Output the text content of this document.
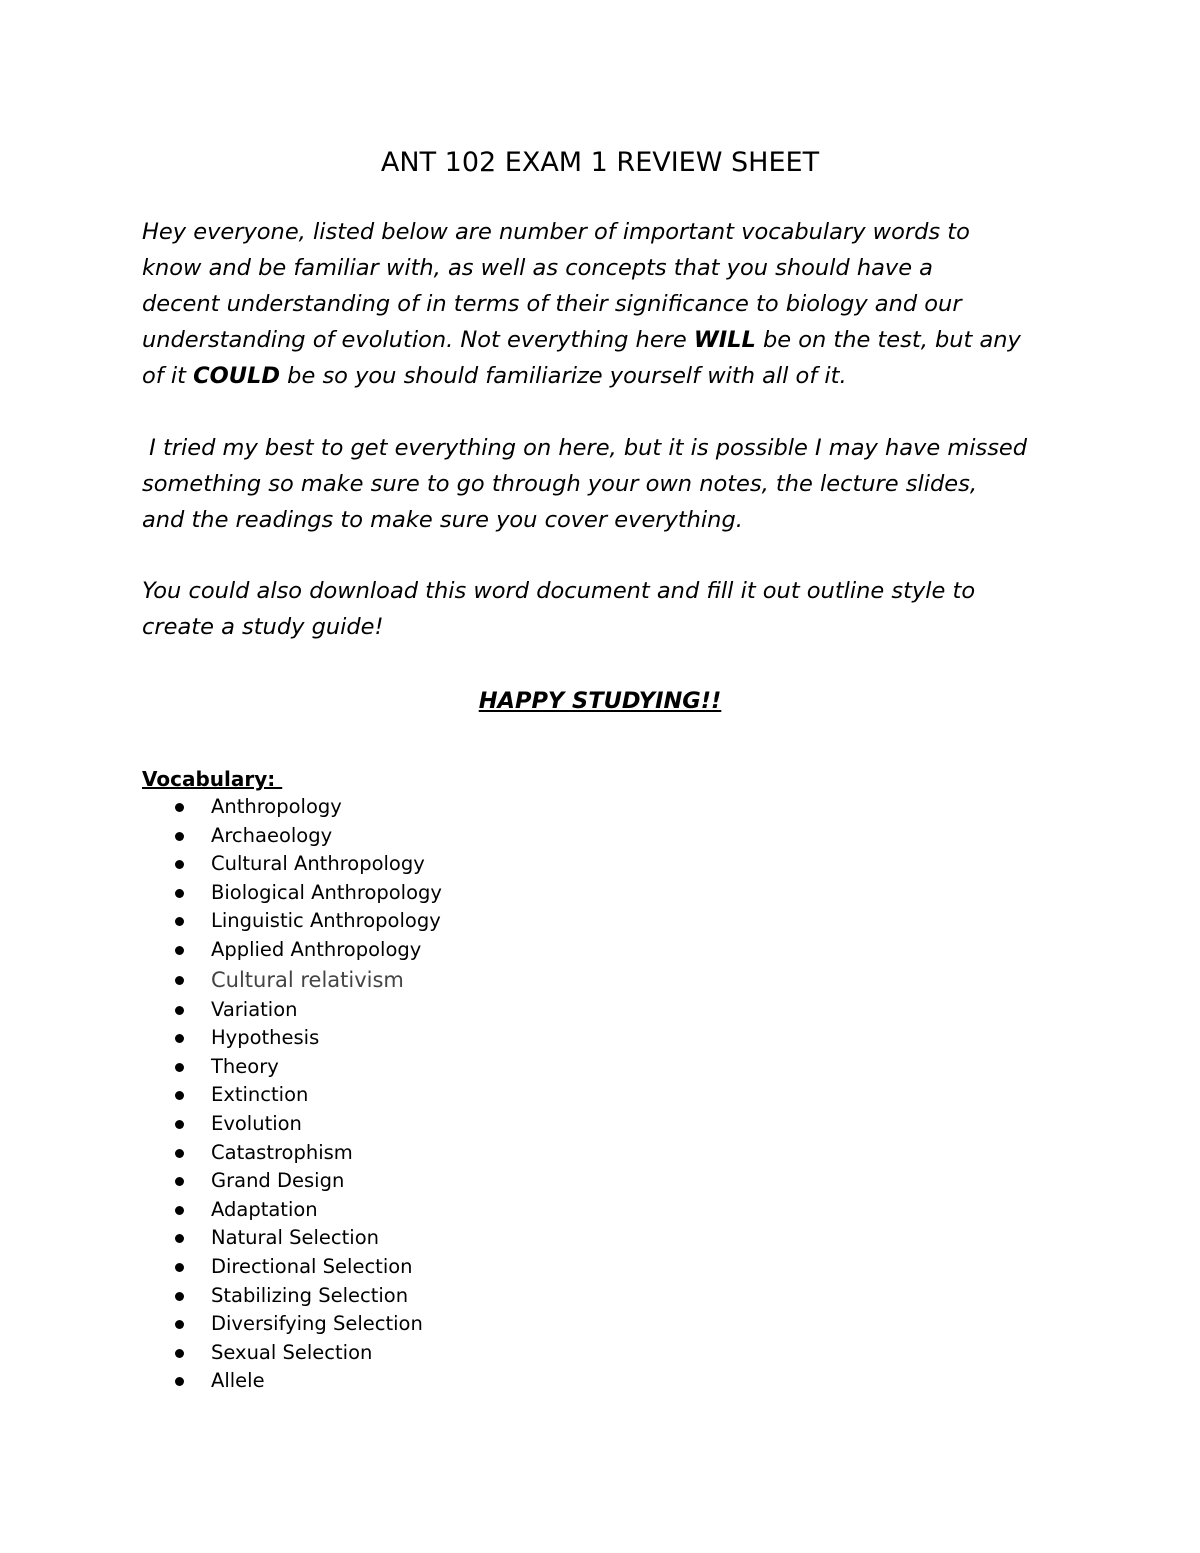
ANT 102 EXAM 1 REVIEW SHEET

Hey everyone, listed below are number of important vocabulary words to
know and be familiar with, as well as concepts that you should have a
decent understanding of in terms of their significance to biology and our
understanding of evolution. Not everything here WILL be on the test, but any
of it COULD be so you should familiarize yourself with all of it.

I tried my best to get everything on here, but it is possible I may have missed
something so make sure to go through your own notes, the lecture slides,
and the readings to make sure you cover everything.

You could also download this word document and fill it out outline style to
create a study guide!

HAPPY STUDYING!!
Vocabulary:
Anthropology
Archaeology
Cultural Anthropology
Biological Anthropology
Linguistic Anthropology
Applied Anthropology
Cultural relativism
Variation
Hypothesis
Theory
Extinction
Evolution
Catastrophism
Grand Design
Adaptation
Natural Selection
Directional Selection
Stabilizing Selection
Diversifying Selection
Sexual Selection
Allele
